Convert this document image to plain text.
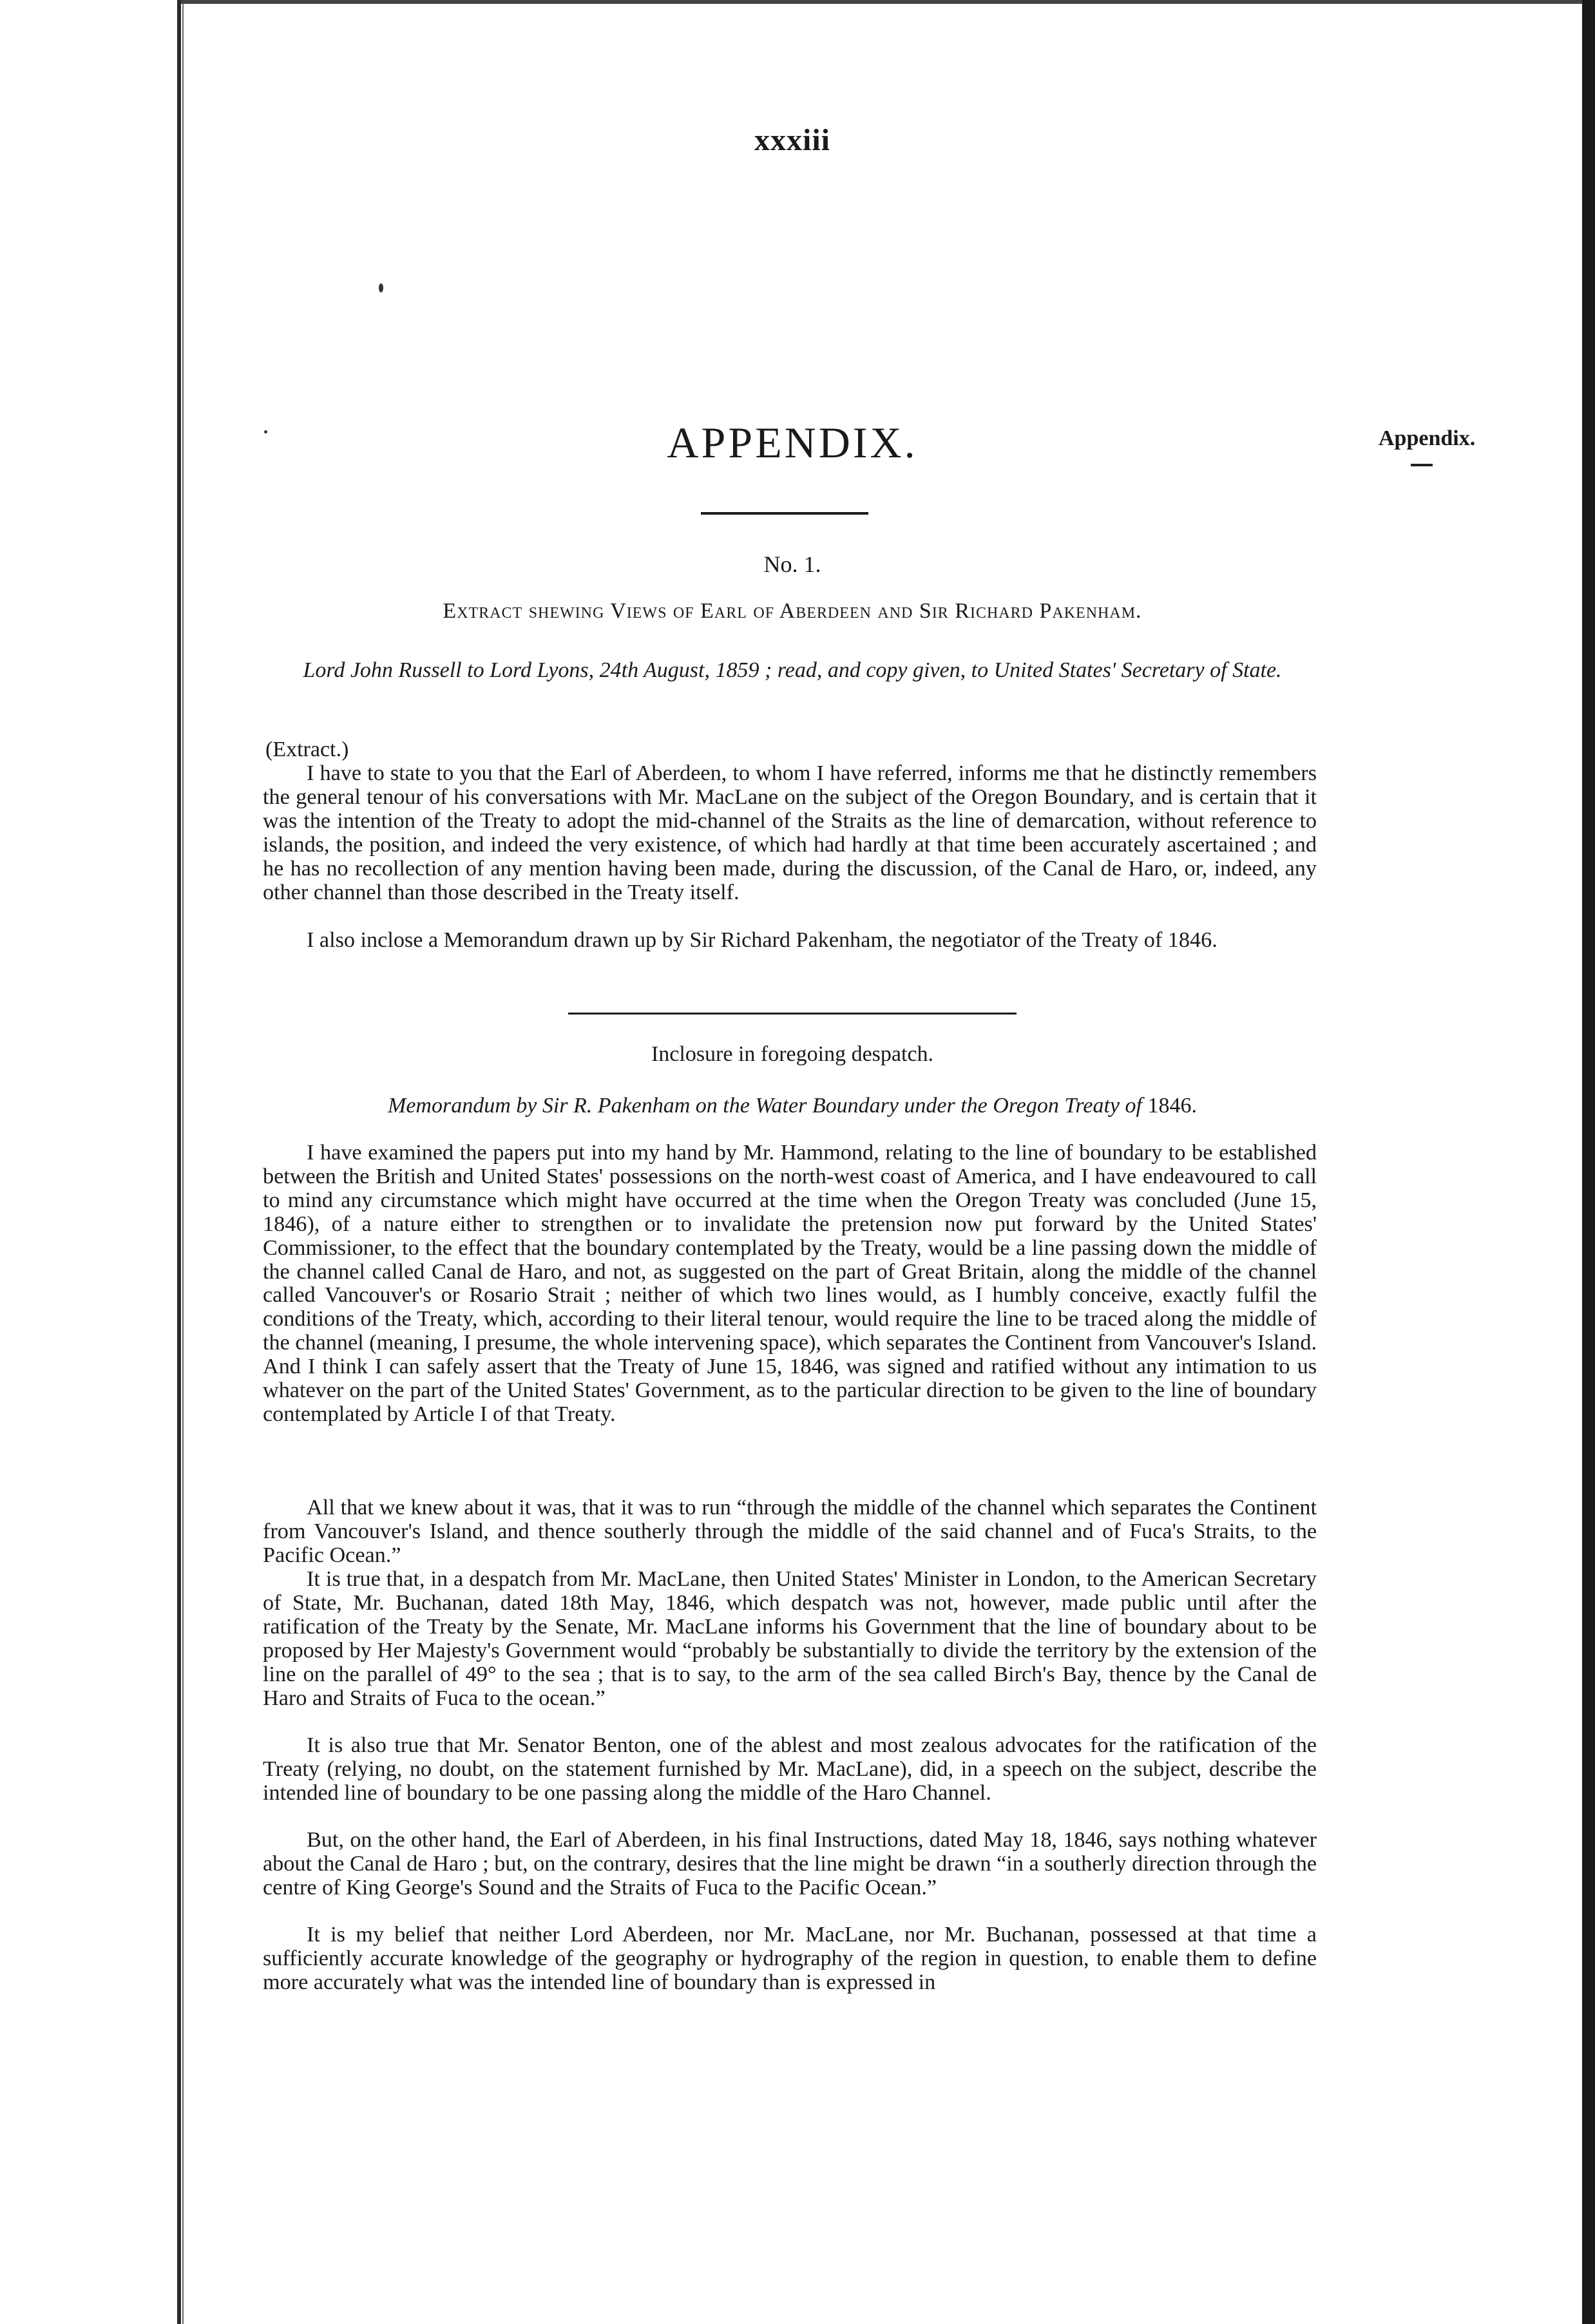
xxxiii
APPENDIX.	Appendix.
No. 1.
Extract shewing Views of Earl of Aberdeen and Sir Richard Pakenham.
Lord John Russell to Lord Lyons, 24th August, 1859 ; read, and copy given, to United States' Secretary of State.
(Extract.)

I have to state to you that the Earl of Aberdeen, to whom I have referred, informs me that he distinctly remembers the general tenour of his conversations with Mr. MacLane on the subject of the Oregon Boundary, and is certain that it was the intention of the Treaty to adopt the mid-channel of the Straits as the line of demarcation, without reference to islands, the position, and indeed the very existence, of which had hardly at that time been accurately ascertained ; and he has no recollection of any mention having been made, during the discussion, of the Canal de Haro, or, indeed, any other channel than those described in the Treaty itself.

I also inclose a Memorandum drawn up by Sir Richard Pakenham, the negotiator of the Treaty of 1846.

Inclosure in foregoing despatch.
Memorandum by Sir R. Pakenham on the Water Boundary under the Oregon Treaty of 1846.

I have examined the papers put into my hand by Mr. Hammond, relating to the line of boundary to be established between the British and United States' possessions on the north-west coast of America, and I have endeavoured to call to mind any circumstance which might have occurred at the time when the Oregon Treaty was concluded (June 15, 1846), of a nature either to strengthen or to invalidate the pretension now put forward by the United States' Commissioner, to the effect that the boundary contemplated by the Treaty, would be a line passing down the middle of the channel called Canal de Haro, and not, as suggested on the part of Great Britain, along the middle of the channel called Vancouver's or Rosario Strait ; neither of which two lines would, as I humbly conceive, exactly fulfil the conditions of the Treaty, which, according to their literal tenour, would require the line to be traced along the middle of the channel (meaning, I presume, the whole intervening space), which separates the Continent from Vancouver's Island. And I think I can safely assert that the Treaty of June 15, 1846, was signed and ratified without any intimation to us whatever on the part of the United States' Government, as to the particular direction to be given to the line of boundary contemplated by Article I of that Treaty.

All that we knew about it was, that it was to run “through the middle of the channel which separates the Continent from Vancouver's Island, and thence southerly through the middle of the said channel and of Fuca's Straits, to the Pacific Ocean.”

It is true that, in a despatch from Mr. MacLane, then United States' Minister in London, to the American Secretary of State, Mr. Buchanan, dated 18th May, 1846, which despatch was not, however, made public until after the ratification of the Treaty by the Senate, Mr. MacLane informs his Government that the line of boundary about to be proposed by Her Majesty's Government would “probably be substantially to divide the territory by the extension of the line on the parallel of 49° to the sea ; that is to say, to the arm of the sea called Birch's Bay, thence by the Canal de Haro and Straits of Fuca to the ocean.”

It is also true that Mr. Senator Benton, one of the ablest and most zealous advocates for the ratification of the Treaty (relying, no doubt, on the statement furnished by Mr. MacLane), did, in a speech on the subject, describe the intended line of boundary to be one passing along the middle of the Haro Channel.

But, on the other hand, the Earl of Aberdeen, in his final Instructions, dated May 18, 1846, says nothing whatever about the Canal de Haro ; but, on the contrary, desires that the line might be drawn “in a southerly direction through the centre of King George's Sound and the Straits of Fuca to the Pacific Ocean.”

It is my belief that neither Lord Aberdeen, nor Mr. MacLane, nor Mr. Buchanan, possessed at that time a sufficiently accurate knowledge of the geography or hydrography of the region in question, to enable them to define more accurately what was the intended line of boundary than is expressed in
